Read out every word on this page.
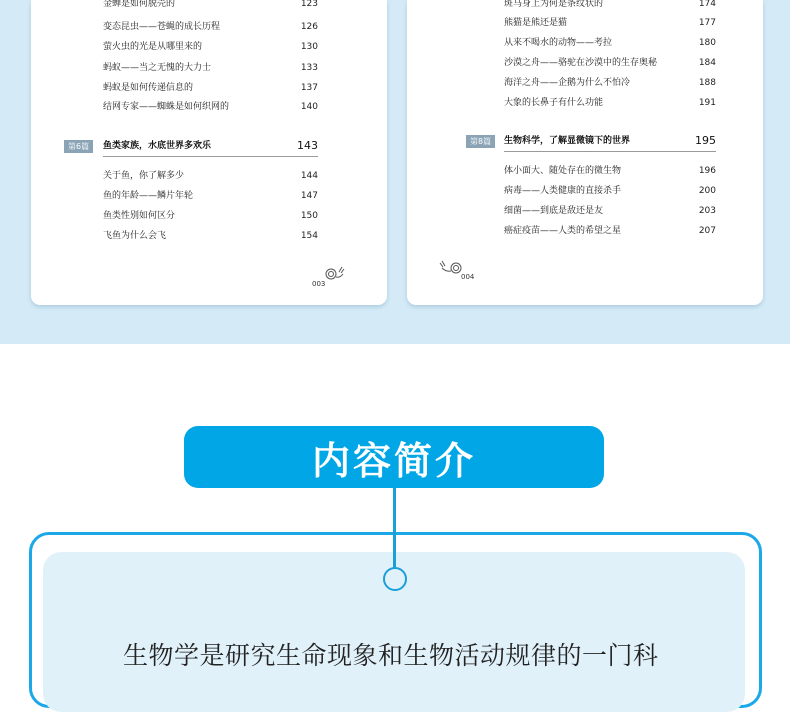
金蝉是如何脱壳的	123
变态昆虫——苍蝇的成长历程	126
萤火虫的光是从哪里来的	130
蚂蚁——当之无愧的大力士	133
蚂蚁是如何传递信息的	137
结网专家——蜘蛛是如何织网的	140
第6篇	鱼类家族，水底世界多欢乐	143
关于鱼，你了解多少	144
鱼的年龄——鳞片年轮	147
鱼类性别如何区分	150
飞鱼为什么会飞	154
003
斑马身上为何是条纹状的	174
熊猫是熊还是猫	177
从来不喝水的动物——考拉	180
沙漠之舟——骆驼在沙漠中的生存奥秘	184
海洋之舟——企鹅为什么不怕冷	188
大象的长鼻子有什么功能	191
第8篇	生物科学，了解显微镜下的世界	195
体小面大、随处存在的微生物	196
病毒——人类健康的直接杀手	200
细菌——到底是敌还是友	203
癌症疫苗——人类的希望之星	207
004
内容简介
生物学是研究生命现象和生物活动规律的一门科
